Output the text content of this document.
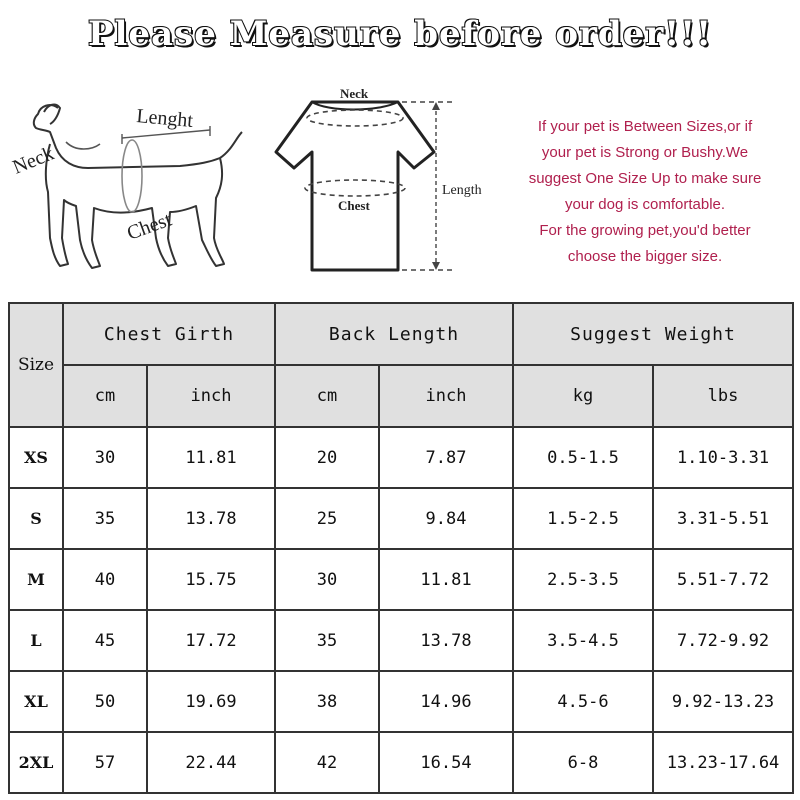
Please Measure before order!!!
Neck
Lenght
Chest
Neck
Chest
Length
If your pet is Between Sizes,or if
your pet is Strong or Bushy.We
suggest One Size Up to make sure
your dog is comfortable.
For the growing pet,you'd better
choose the bigger size.
Size	Chest Girth		Back Length		Suggest Weight	
	cm	inch	cm	inch	kg	lbs
XS	30	11.81	20	7.87	0.5-1.5	1.10-3.31
S	35	13.78	25	9.84	1.5-2.5	3.31-5.51
M	40	15.75	30	11.81	2.5-3.5	5.51-7.72
L	45	17.72	35	13.78	3.5-4.5	7.72-9.92
XL	50	19.69	38	14.96	4.5-6	9.92-13.23
2XL	57	22.44	42	16.54	6-8	13.23-17.64
